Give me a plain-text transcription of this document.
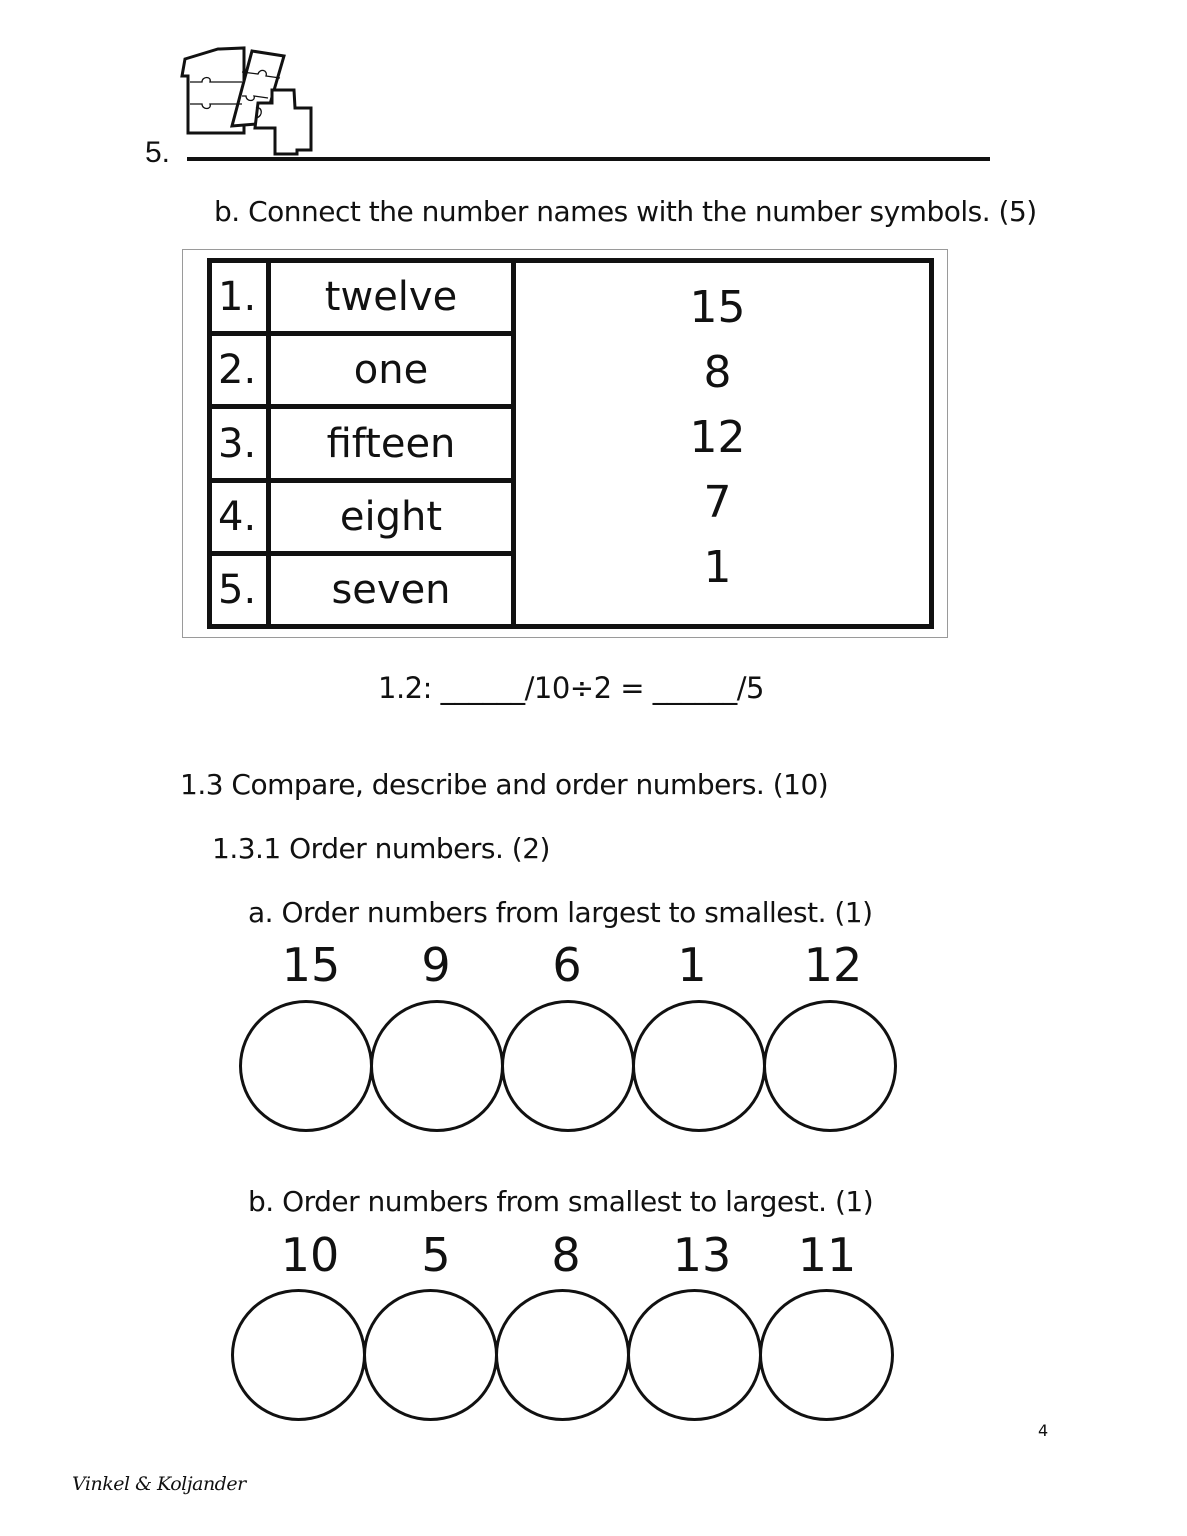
5.
b. Connect the number names with the number symbols. (5)
1.
2.
3.
4.
5.
twelve
one
fifteen
eight
seven
15
8
12
7
1
1.2: ______/10÷2 = ______/5
1.3 Compare, describe and order numbers. (10)
1.3.1 Order numbers. (2)
a. Order numbers from largest to smallest. (1)
15 9 6 1 12
b. Order numbers from smallest to largest. (1)
10 5 8 13 11
4
Vinkel & Koljander
